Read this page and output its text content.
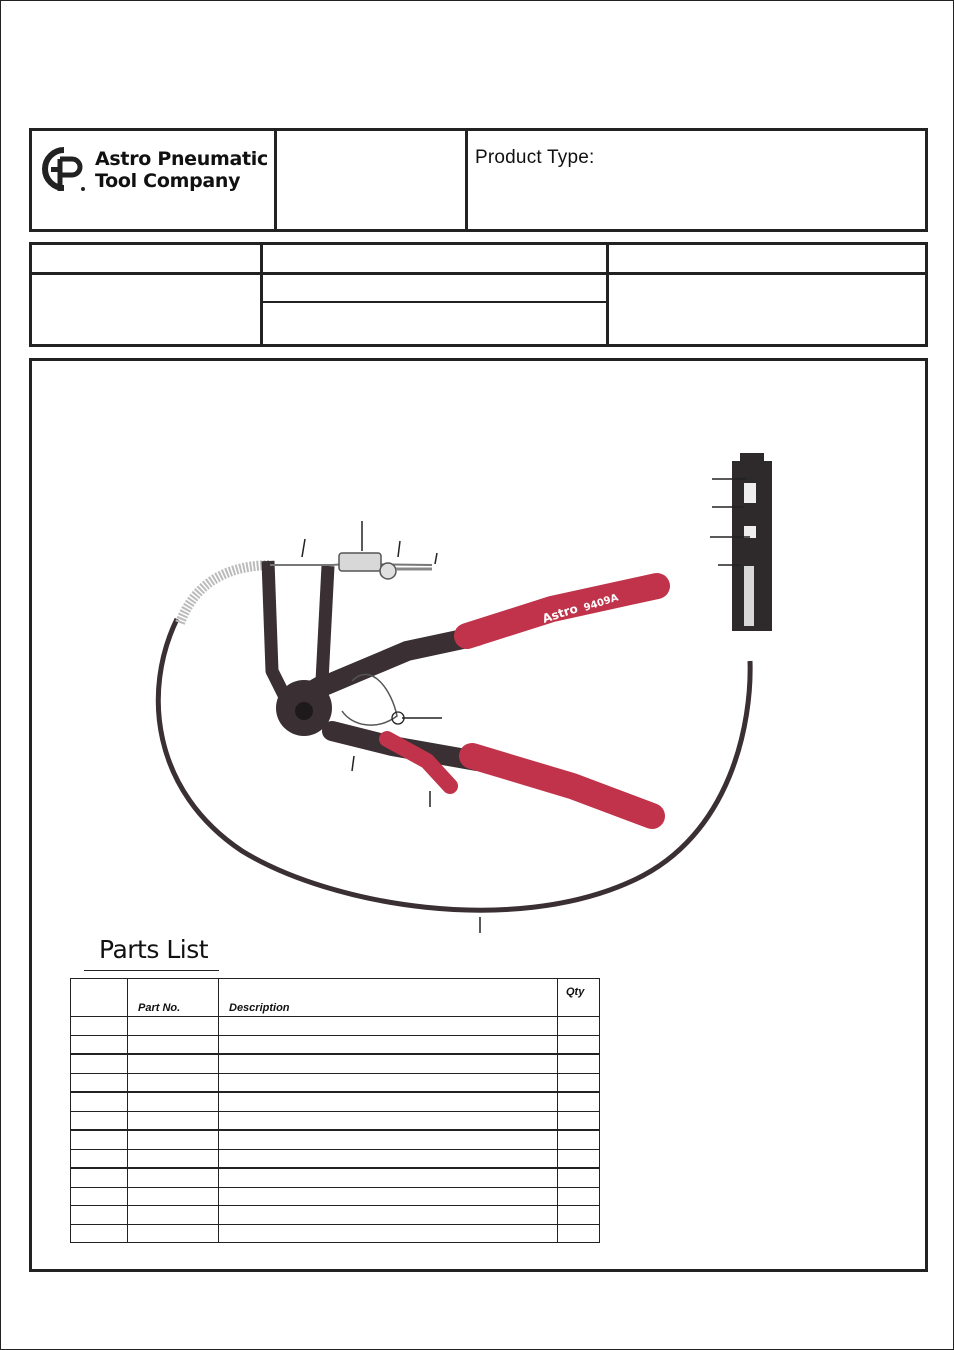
Astro Pneumatic
Tool Company
Product Type:
Astro 9409A
Parts List
	Part No.	Description	Qty
